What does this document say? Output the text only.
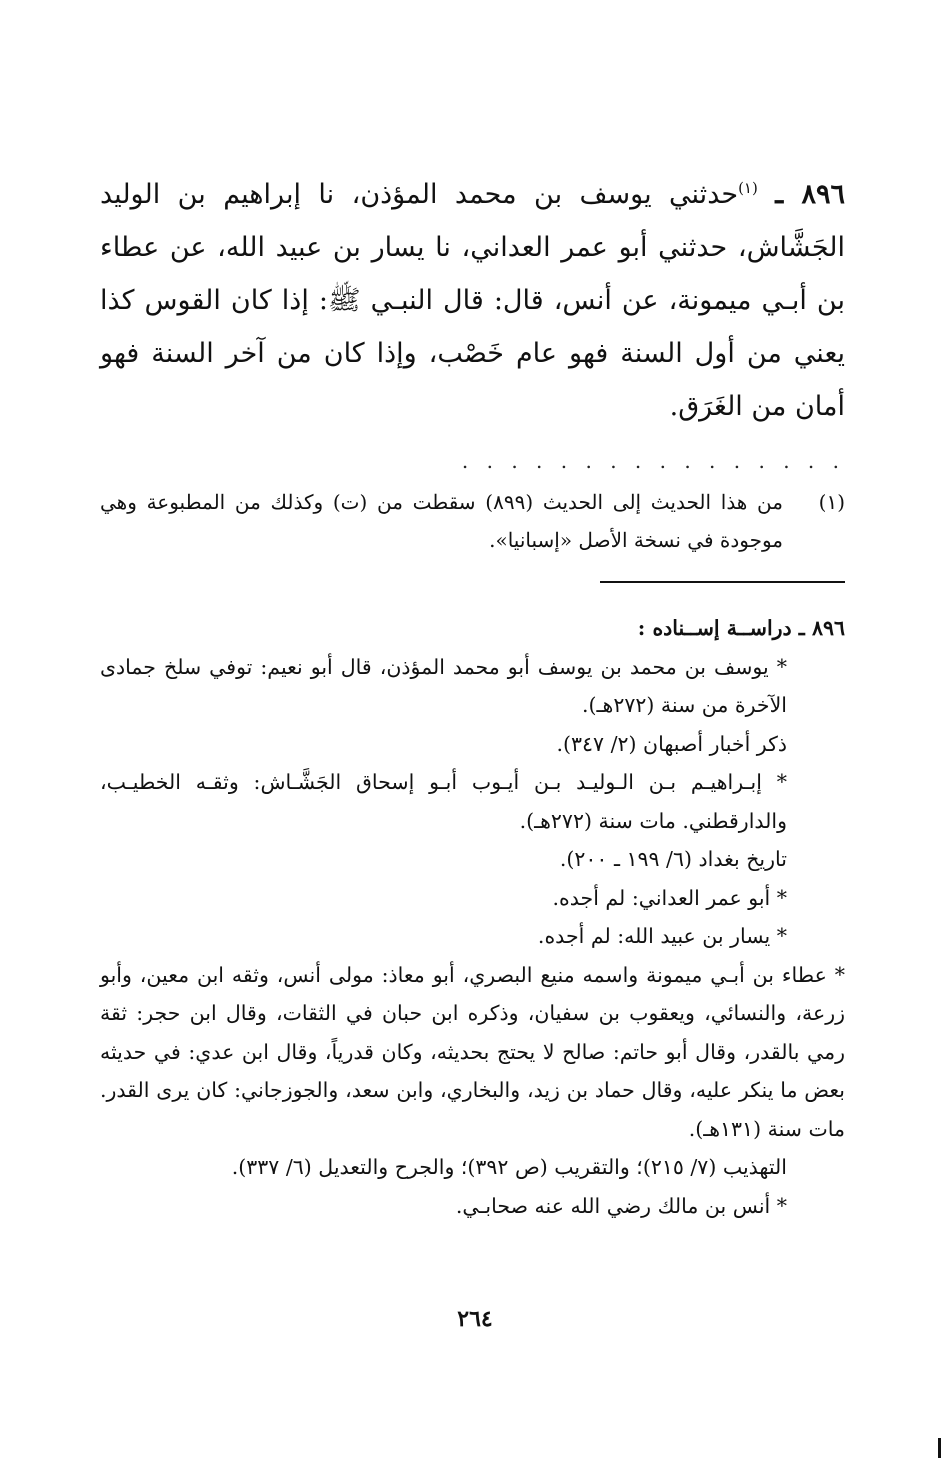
٨٩٦ ـ $^{(١)}$حدثني يوسف بن محمد المؤذن، نا إبراهيم بن الوليد الجَشَّاش، حدثني أبو عمر العداني، نا يسار بن عبيد الله، عن عطاء بن أبـي ميمونة، عن أنس، قال: قال النبـي ﷺ: إذا كان القوس كذا يعني من أول السنة فهو عام خَصْب، وإذا كان من آخر السنة فهو أمان من الغَرَق.

. . . . . . . . . . . . . . . .
(١)
من هذا الحديث إلى الحديث (٨٩٩) سقطت من (ت) وكذلك من المطبوعة وهي موجودة في نسخة الأصل «إسبانيا».

٨٩٦ ـ دراســة إســناده :

* يوسف بن محمد بن يوسف أبو محمد المؤذن، قال أبو نعيم: توفي سلخ جمادى الآخرة من سنة (٢٧٢هـ).

ذكر أخبار أصبهان (٢/ ٣٤٧).

* إبـراهيـم بـن الـوليـد بـن أيـوب أبـو إسحاق الجَشَّـاش: وثقـه الخطيـب، والدارقطني. مات سنة (٢٧٢هـ).

تاريخ بغداد (٦/ ١٩٩ ـ ٢٠٠).

* أبو عمر العداني: لم أجده.

* يسار بن عبيد الله: لم أجده.

* عطاء بن أبـي ميمونة واسمه منيع البصري، أبو معاذ: مولى أنس، وثقه ابن معين، وأبو زرعة، والنسائي، ويعقوب بن سفيان، وذكره ابن حبان في الثقات، وقال ابن حجر: ثقة رمي بالقدر، وقال أبو حاتم: صالح لا يحتج بحديثه، وكان قدرياً، وقال ابن عدي: في حديثه بعض ما ينكر عليه، وقال حماد بن زيد، والبخاري، وابن سعد، والجوزجاني: كان يرى القدر. مات سنة (١٣١هـ).

التهذيب (٧/ ٢١٥)؛ والتقريب (ص ٣٩٢)؛ والجرح والتعديل (٦/ ٣٣٧).

* أنس بن مالك رضي الله عنه صحابـي.

٢٦٤
